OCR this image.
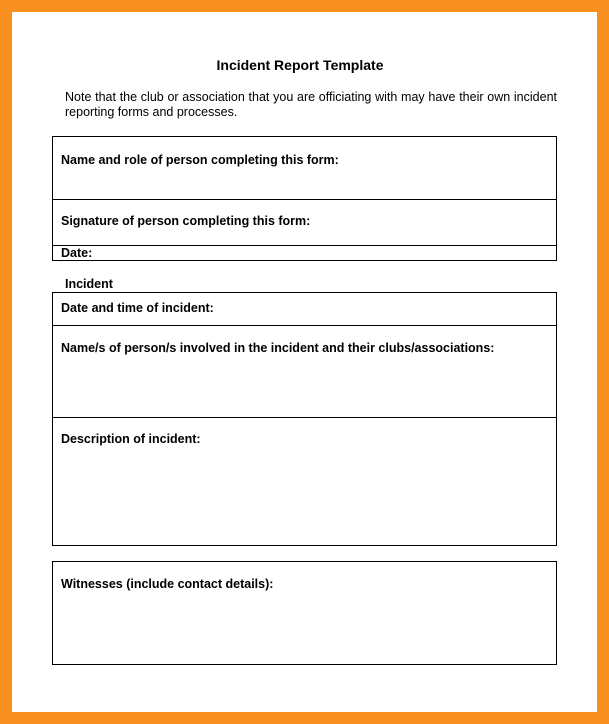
Incident Report Template
Note that the club or association that you are officiating with may have their own incident reporting forms and processes.
Name and role of person completing this form:
Signature of person completing this form:
Date:
Incident
Date and time of incident:
Name/s of person/s involved in the incident and their clubs/associations:
Description of incident:
Witnesses (include contact details):
